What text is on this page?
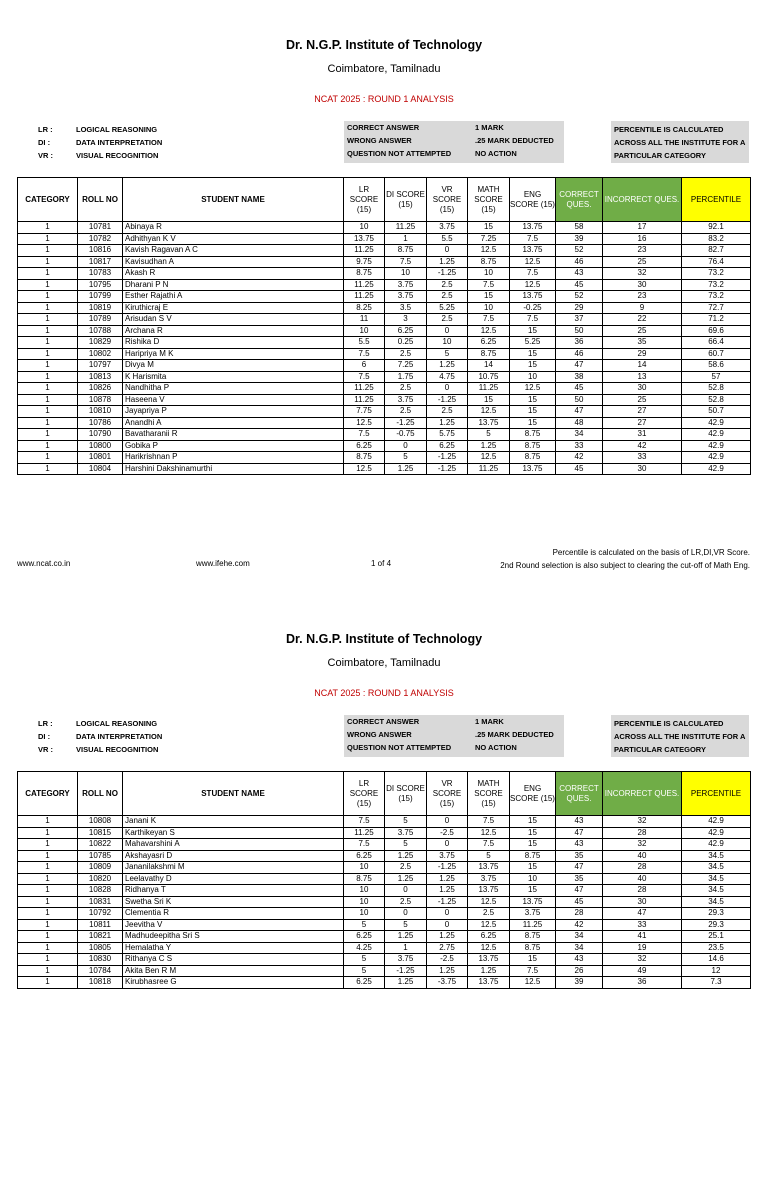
Dr. N.G.P. Institute of Technology
Coimbatore, Tamilnadu
NCAT 2025 : ROUND 1 ANALYSIS
LR :	LOGICAL REASONING
DI :	DATA INTERPRETATION
VR :	VISUAL RECOGNITION
CORRECT ANSWER	1 MARK
WRONG ANSWER	.25 MARK DEDUCTED
QUESTION NOT ATTEMPTED	NO ACTION
PERCENTILE IS CALCULATED ACROSS ALL THE INSTITUTE FOR A PARTICULAR CATEGORY
CATEGORY	ROLL NO	STUDENT NAME	LR SCORE (15)	DI SCORE (15)	VR SCORE (15)	MATH SCORE (15)	ENG SCORE (15)	CORRECT QUES.	INCORRECT QUES.	PERCENTILE
1	10781	Abinaya R	10	11.25	3.75	15	13.75	58	17	92.1
1	10782	Adhithyan K V	13.75	1	5.5	7.25	7.5	39	16	83.2
1	10816	Kavish Ragavan A C	11.25	8.75	0	12.5	13.75	52	23	82.7
1	10817	Kavisudhan A	9.75	7.5	1.25	8.75	12.5	46	25	76.4
1	10783	Akash R	8.75	10	-1.25	10	7.5	43	32	73.2
1	10795	Dharani P N	11.25	3.75	2.5	7.5	12.5	45	30	73.2
1	10799	Esther Rajathi A	11.25	3.75	2.5	15	13.75	52	23	73.2
1	10819	Kiruthicraj E	8.25	3.5	5.25	10	-0.25	29	9	72.7
1	10789	Arisudan S V	11	3	2.5	7.5	7.5	37	22	71.2
1	10788	Archana R	10	6.25	0	12.5	15	50	25	69.6
1	10829	Rishika D	5.5	0.25	10	6.25	5.25	36	35	66.4
1	10802	Haripriya M K	7.5	2.5	5	8.75	15	46	29	60.7
1	10797	Divya M	6	7.25	1.25	14	15	47	14	58.6
1	10813	K Harismita	7.5	1.75	4.75	10.75	10	38	13	57
1	10826	Nandhitha P	11.25	2.5	0	11.25	12.5	45	30	52.8
1	10878	Haseena V	11.25	3.75	-1.25	15	15	50	25	52.8
1	10810	Jayapriya P	7.75	2.5	2.5	12.5	15	47	27	50.7
1	10786	Anandhi A	12.5	-1.25	1.25	13.75	15	48	27	42.9
1	10790	Bavatharanii R	7.5	-0.75	5.75	5	8.75	34	31	42.9
1	10800	Gobika P	6.25	0	6.25	1.25	8.75	33	42	42.9
1	10801	Harikrishnan P	8.75	5	-1.25	12.5	8.75	42	33	42.9
1	10804	Harshini Dakshinamurthi	12.5	1.25	-1.25	11.25	13.75	45	30	42.9
Percentile is calculated on the basis of LR,DI,VR Score.
2nd Round selection is also subject to clearing the cut-off of Math Eng.
www.ncat.co.in	www.ifehe.com	1 of 4
Dr. N.G.P. Institute of Technology
Coimbatore, Tamilnadu
NCAT 2025 : ROUND 1 ANALYSIS
LR :	LOGICAL REASONING
DI :	DATA INTERPRETATION
VR :	VISUAL RECOGNITION
CORRECT ANSWER	1 MARK
WRONG ANSWER	.25 MARK DEDUCTED
QUESTION NOT ATTEMPTED	NO ACTION
PERCENTILE IS CALCULATED ACROSS ALL THE INSTITUTE FOR A PARTICULAR CATEGORY
CATEGORY	ROLL NO	STUDENT NAME	LR SCORE (15)	DI SCORE (15)	VR SCORE (15)	MATH SCORE (15)	ENG SCORE (15)	CORRECT QUES.	INCORRECT QUES.	PERCENTILE
1	10808	Janani K	7.5	5	0	7.5	15	43	32	42.9
1	10815	Karthikeyan S	11.25	3.75	-2.5	12.5	15	47	28	42.9
1	10822	Mahavarshini A	7.5	5	0	7.5	15	43	32	42.9
1	10785	Akshayasri D	6.25	1.25	3.75	5	8.75	35	40	34.5
1	10809	Jananilakshmi M	10	2.5	-1.25	13.75	15	47	28	34.5
1	10820	Leelavathy D	8.75	1.25	1.25	3.75	10	35	40	34.5
1	10828	Ridhanya T	10	0	1.25	13.75	15	47	28	34.5
1	10831	Swetha Sri K	10	2.5	-1.25	12.5	13.75	45	30	34.5
1	10792	Clementia R	10	0	0	2.5	3.75	28	47	29.3
1	10811	Jeevitha V	5	5	0	12.5	11.25	42	33	29.3
1	10821	Madhudeepitha Sri S	6.25	1.25	1.25	6.25	8.75	34	41	25.1
1	10805	Hemalatha Y	4.25	1	2.75	12.5	8.75	34	19	23.5
1	10830	Rithanya C S	5	3.75	-2.5	13.75	15	43	32	14.6
1	10784	Akita Ben R M	5	-1.25	1.25	1.25	7.5	26	49	12
1	10818	Kirubhasree G	6.25	1.25	-3.75	13.75	12.5	39	36	7.3
